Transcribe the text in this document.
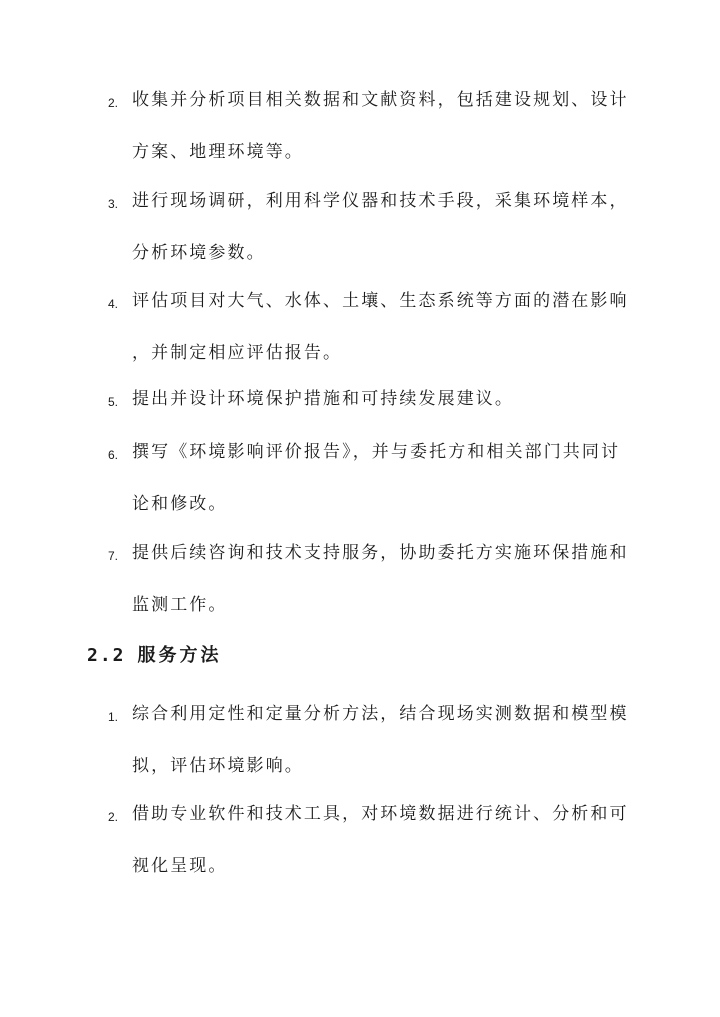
2. 收集并分析项目相关数据和文献资料，包括建设规划、设计
方案、地理环境等。
3. 进行现场调研，利用科学仪器和技术手段，采集环境样本，
分析环境参数。
4. 评估项目对大气、水体、土壤、生态系统等方面的潜在影响
，并制定相应评估报告。
5. 提出并设计环境保护措施和可持续发展建议。
6. 撰写《环境影响评价报告》，并与委托方和相关部门共同讨
论和修改。
7. 提供后续咨询和技术支持服务，协助委托方实施环保措施和
监测工作。
2.2 服务方法
1. 综合利用定性和定量分析方法，结合现场实测数据和模型模
拟，评估环境影响。
2. 借助专业软件和技术工具，对环境数据进行统计、分析和可
视化呈现。
